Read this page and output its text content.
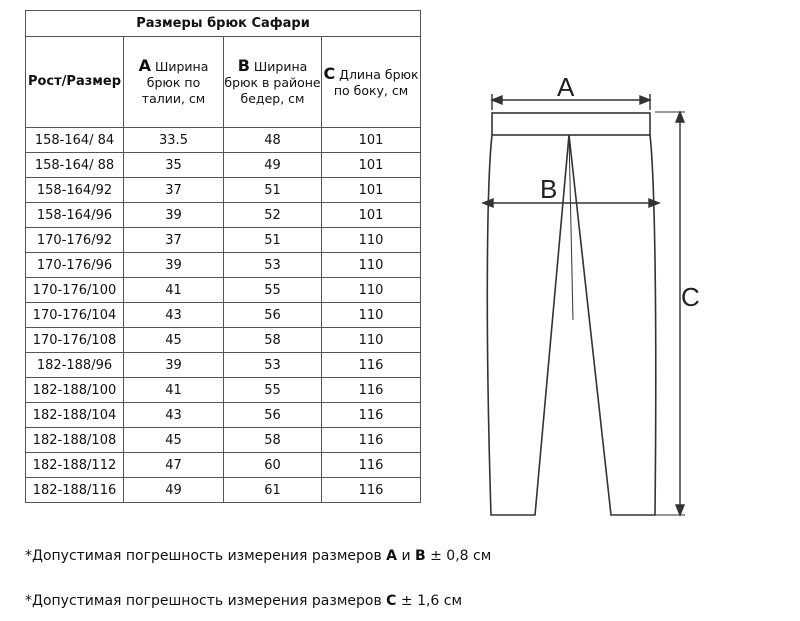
Размеры брюк Сафари			
Рост/Размер	A Ширина брюк по талии, см	B Ширина брюк в районе бедер, см	C Длина брюк по боку, см
158-164/ 84	33.5	48	101
158-164/ 88	35	49	101
158-164/92	37	51	101
158-164/96	39	52	101
170-176/92	37	51	110
170-176/96	39	53	110
170-176/100	41	55	110
170-176/104	43	56	110
170-176/108	45	58	110
182-188/96	39	53	116
182-188/100	41	55	116
182-188/104	43	56	116
182-188/108	45	58	116
182-188/112	47	60	116
182-188/116	49	61	116
A
B
C
*Допустимая погрешность измерения размеров A и B ± 0,8 см
*Допустимая погрешность измерения размеров C ± 1,6 см
